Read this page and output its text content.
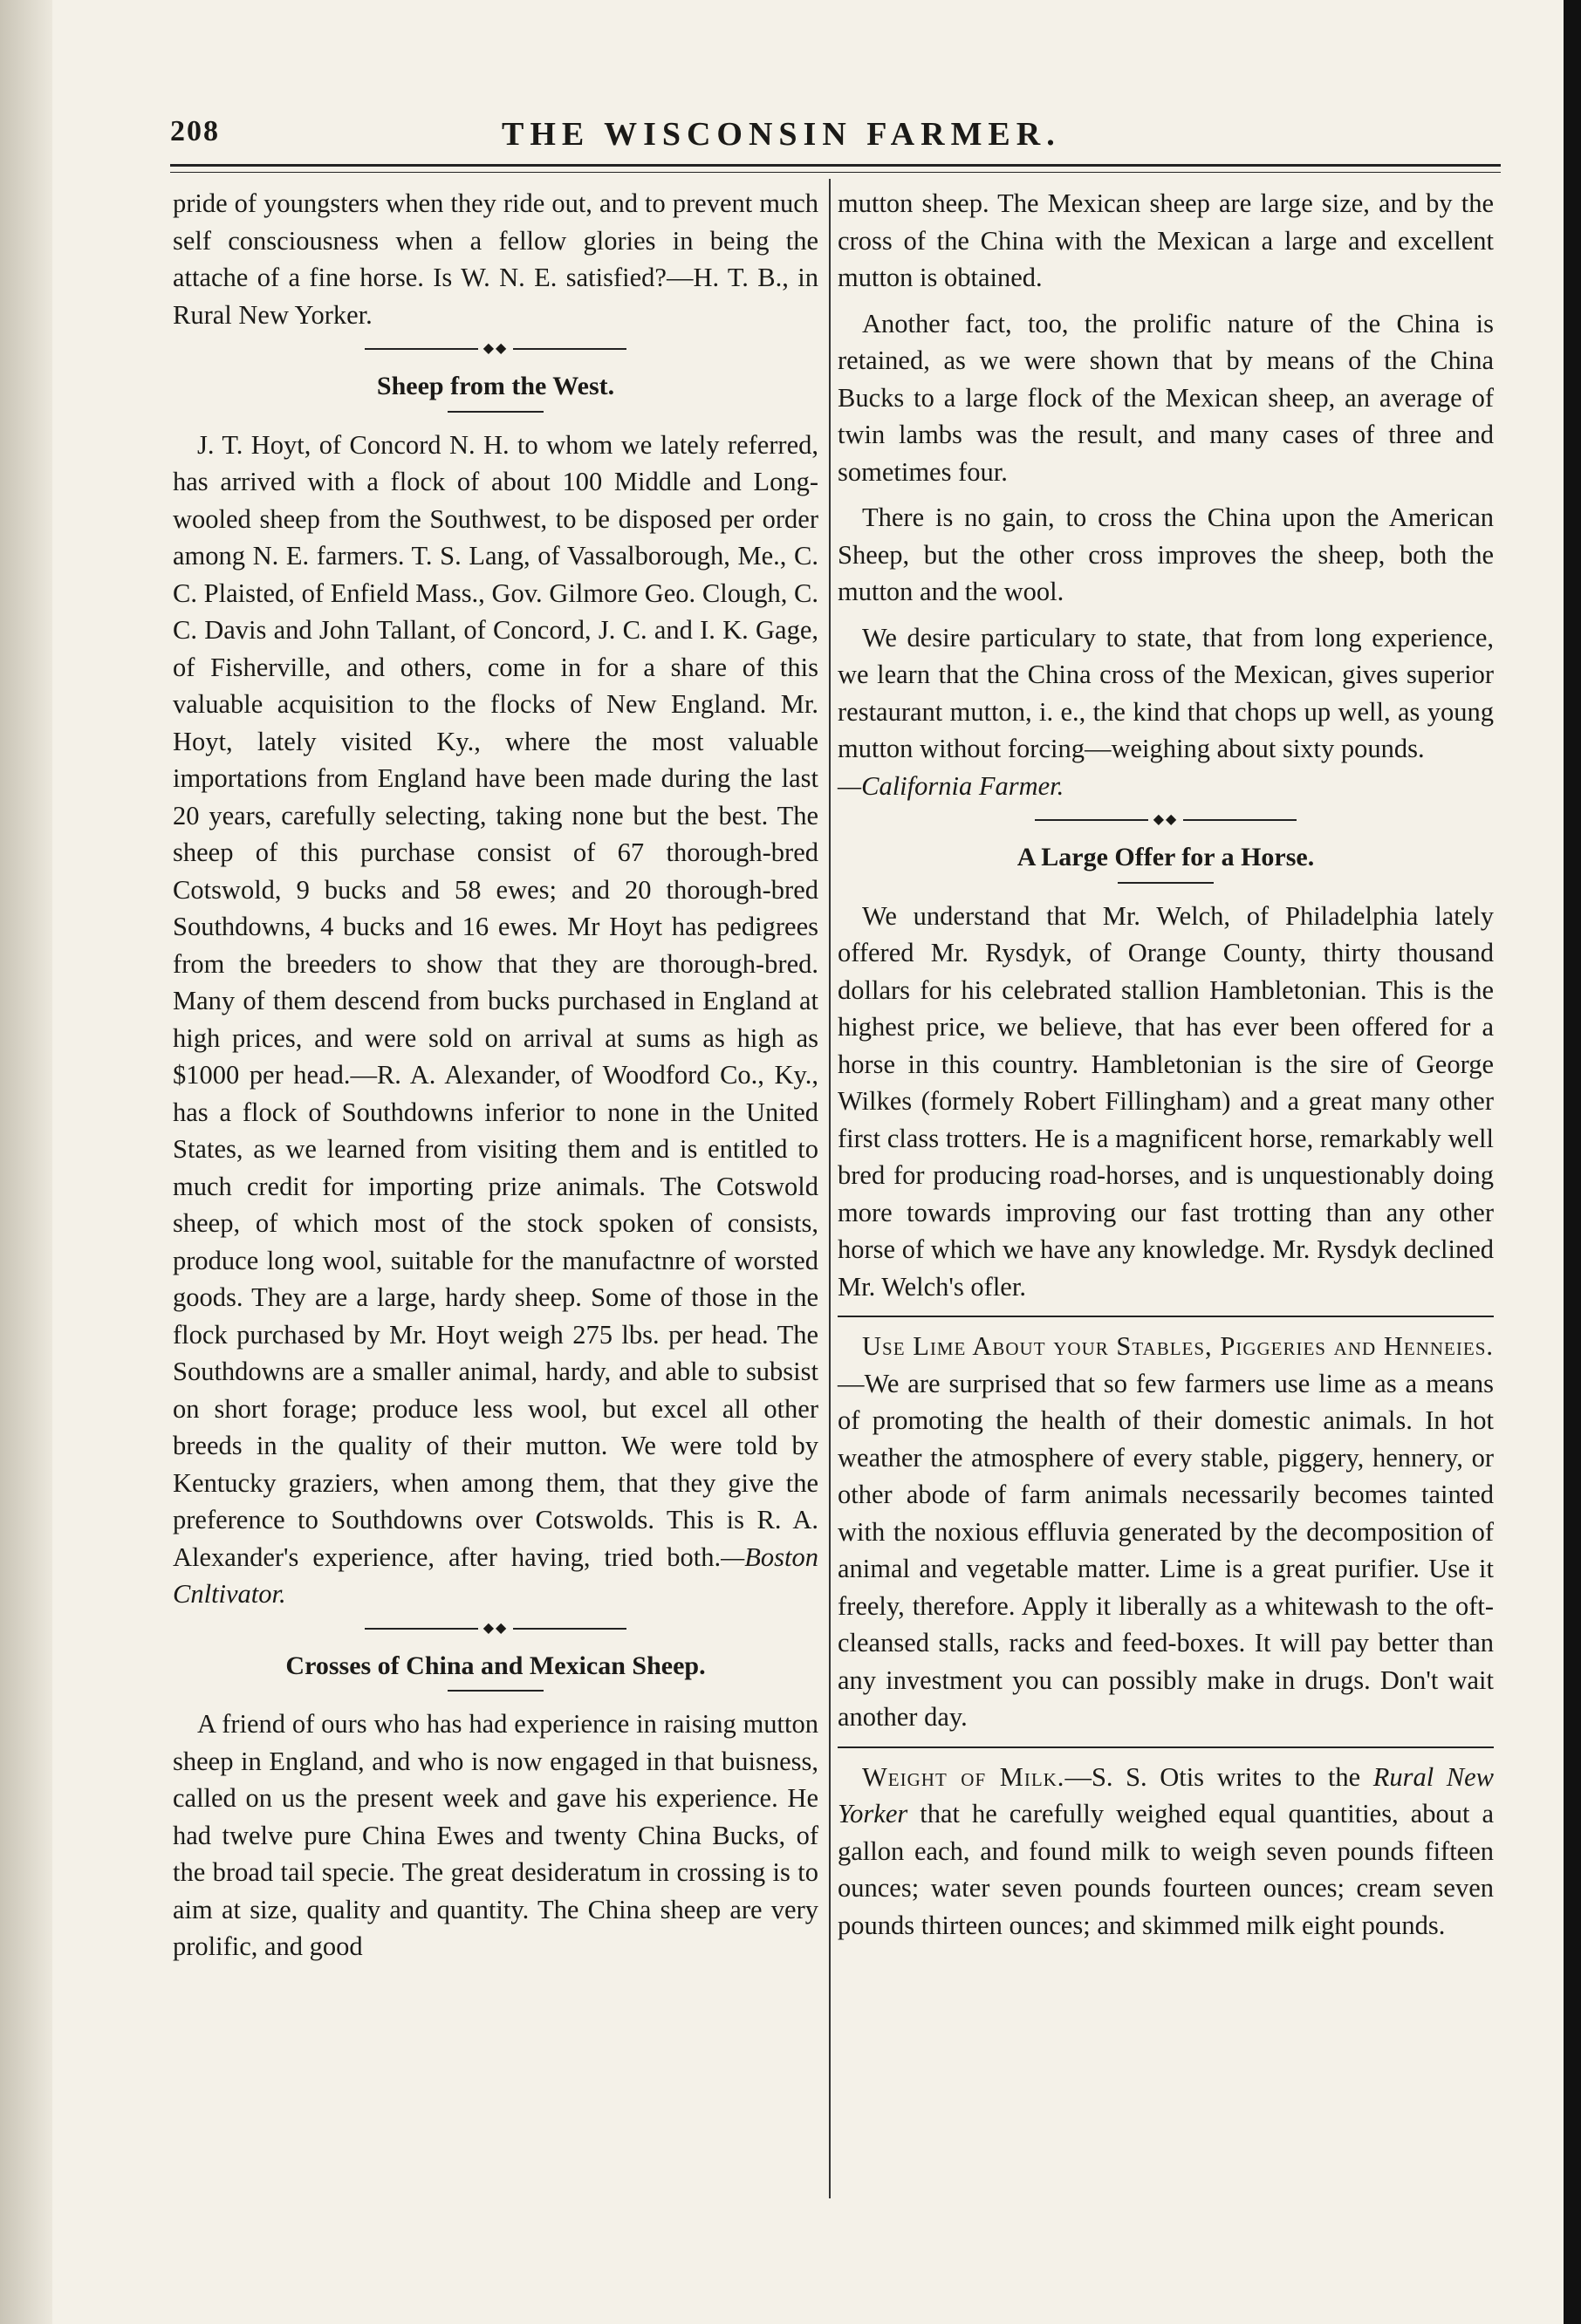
208	THE WISCONSIN FARMER.

pride of youngsters when they ride out, and to prevent much self consciousness when a fellow glories in being the attache of a fine horse. Is W. N. E. satisfied?—H. T. B., in Rural New Yorker.

◆◆
Sheep from the West.

J. T. Hoyt, of Concord N. H. to whom we lately referred, has arrived with a flock of about 100 Middle and Long-wooled sheep from the Southwest, to be disposed per order among N. E. farmers. T. S. Lang, of Vassalborough, Me., C. C. Plaisted, of Enfield Mass., Gov. Gilmore Geo. Clough, C. C. Davis and John Tallant, of Concord, J. C. and I. K. Gage, of Fisherville, and others, come in for a share of this valuable acquisition to the flocks of New England. Mr. Hoyt, lately visited Ky., where the most valuable importations from England have been made during the last 20 years, carefully selecting, taking none but the best. The sheep of this purchase consist of 67 thorough-bred Cotswold, 9 bucks and 58 ewes; and 20 thorough-bred Southdowns, 4 bucks and 16 ewes. Mr Hoyt has pedigrees from the breeders to show that they are thorough-bred. Many of them descend from bucks purchased in England at high prices, and were sold on arrival at sums as high as $1000 per head.—R. A. Alexander, of Woodford Co., Ky., has a flock of Southdowns inferior to none in the United States, as we learned from visiting them and is entitled to much credit for importing prize animals. The Cotswold sheep, of which most of the stock spoken of consists, produce long wool, suitable for the manufactnre of worsted goods. They are a large, hardy sheep. Some of those in the flock purchased by Mr. Hoyt weigh 275 lbs. per head. The Southdowns are a smaller animal, hardy, and able to subsist on short forage; produce less wool, but excel all other breeds in the quality of their mutton. We were told by Kentucky graziers, when among them, that they give the preference to Southdowns over Cotswolds. This is R. A. Alexander's experience, after having, tried both.—Boston Cnltivator.

◆◆
Crosses of China and Mexican Sheep.

A friend of ours who has had experience in raising mutton sheep in England, and who is now engaged in that buisness, called on us the present week and gave his experience. He had twelve pure China Ewes and twenty China Bucks, of the broad tail specie. The great desideratum in crossing is to aim at size, quality and quantity. The China sheep are very prolific, and good

mutton sheep. The Mexican sheep are large size, and by the cross of the China with the Mexican a large and excellent mutton is obtained.

Another fact, too, the prolific nature of the China is retained, as we were shown that by means of the China Bucks to a large flock of the Mexican sheep, an average of twin lambs was the result, and many cases of three and sometimes four.

There is no gain, to cross the China upon the American Sheep, but the other cross improves the sheep, both the mutton and the wool.

We desire particulary to state, that from long experience, we learn that the China cross of the Mexican, gives superior restaurant mutton, i. e., the kind that chops up well, as young mutton without forcing—weighing about sixty pounds.
—California Farmer.

◆◆
A Large Offer for a Horse.

We understand that Mr. Welch, of Philadelphia lately offered Mr. Rysdyk, of Orange County, thirty thousand dollars for his celebrated stallion Hambletonian. This is the highest price, we believe, that has ever been offered for a horse in this country. Hambletonian is the sire of George Wilkes (formely Robert Fillingham) and a great many other first class trotters. He is a magnificent horse, remarkably well bred for producing road-horses, and is unquestionably doing more towards improving our fast trotting than any other horse of which we have any knowledge. Mr. Rysdyk declined Mr. Welch's ofler.

Use Lime About your Stables, Piggeries and Henneies.—We are surprised that so few farmers use lime as a means of promoting the health of their domestic animals. In hot weather the atmosphere of every stable, piggery, hennery, or other abode of farm animals necessarily becomes tainted with the noxious effluvia generated by the decomposition of animal and vegetable matter. Lime is a great purifier. Use it freely, therefore. Apply it liberally as a whitewash to the oft-cleansed stalls, racks and feed-boxes. It will pay better than any investment you can possibly make in drugs. Don't wait another day.

Weight of Milk.—S. S. Otis writes to the Rural New Yorker that he carefully weighed equal quantities, about a gallon each, and found milk to weigh seven pounds fifteen ounces; water seven pounds fourteen ounces; cream seven pounds thirteen ounces; and skimmed milk eight pounds.
